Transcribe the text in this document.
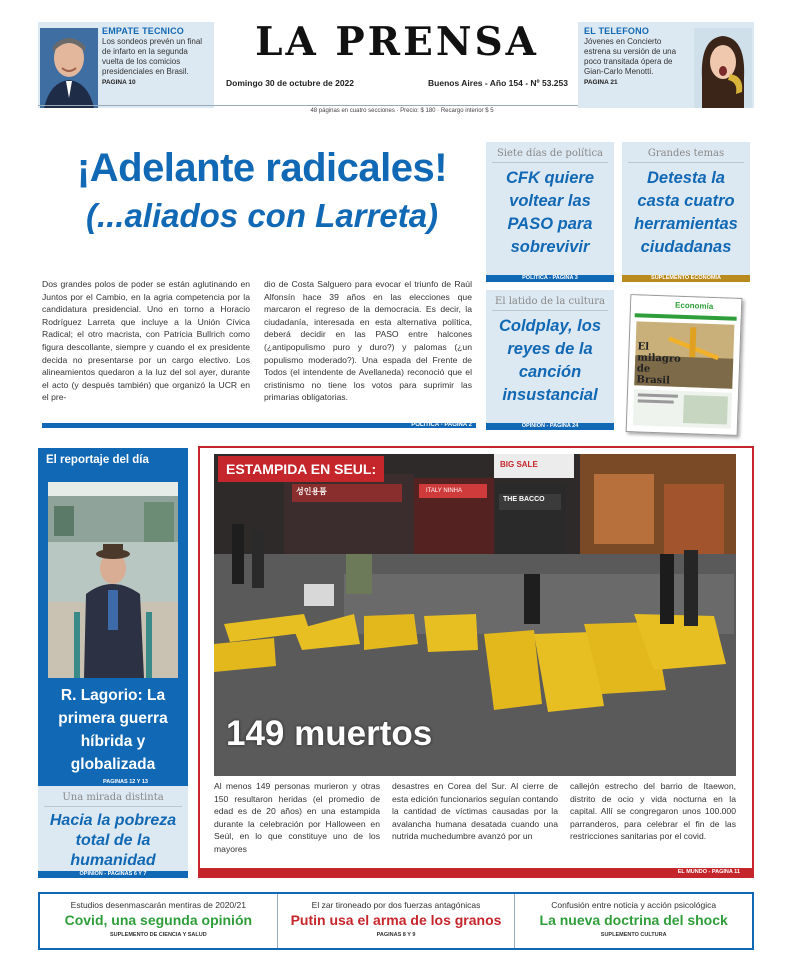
EMPATE TECNICO

Los sondeos prevén un final de infarto en la segunda vuelta de los comicios presidenciales en Brasil.

PAGINA 10
LA PRENSA
Domingo 30 de octubre de 2022	Buenos Aires - Año 154 - Nº 53.253
48 páginas en cuatro secciones · Precio: $ 180 · Recargo interior $ 5
EL TELEFONO

Jóvenes en Concierto estrena su versión de una poco transitada ópera de Gian-Carlo Menotti.

PAGINA 21
¡Adelante radicales!
(...aliados con Larreta)

Dos grandes polos de poder se están aglutinando en Juntos por el Cambio, en la agria competencia por la candidatura presidencial. Uno en torno a Horacio Rodríguez Larreta que incluye a la Unión Cívica Radical; el otro macrista, con Patricia Bullrich como figura descollante, siempre y cuando el ex presidente decida no presentarse por un cargo electivo. Los alineamientos quedaron a la luz del sol ayer, durante el acto (y después también) que organizó la UCR en el pre-

dio de Costa Salguero para evocar el triunfo de Raúl Alfonsín hace 39 años en las elecciones que marcaron el regreso de la democracia. Es decir, la ciudadanía, interesada en esta alternativa política, deberá decidir en las PASO entre halcones (¿antipopulismo puro y duro?) y palomas (¿un populismo moderado?). Una espada del Frente de Todos (el intendente de Avellaneda) reconoció que el cristinismo no tiene los votos para suprimir las primarias obligatorias.

POLITICA - PAGINA 2
Siete días de política
CFK quiere voltear las PASO para sobrevivir
POLITICA - PAGINA 3
Grandes temas
Detesta la casta cuatro herramientas ciudadanas
SUPLEMENTO ECONOMIA
El latido de la cultura
Coldplay, los reyes de la canción insustancial
OPINION - PAGINA 24
Economía
El milagro de Brasil
El reportaje del día
R. Lagorio: La primera guerra híbrida y globalizada
PAGINAS 12 Y 13
ESTAMPIDA EN SEUL:	BIG SALE
성인용품	ITALY NINHA
THE BACCO
149 muertos

Al menos 149 personas murieron y otras 150 resultaron heridas (el promedio de edad es de 20 años) en una estampida durante la celebración por Halloween en Seúl, en lo que constituye uno de los mayores

desastres en Corea del Sur. Al cierre de esta edición funcionarios seguían contando la cantidad de víctimas causadas por la avalancha humana desatada cuando una nutrida muchedumbre avanzó por un

callejón estrecho del barrio de Itaewon, distrito de ocio y vida nocturna en la capital. Allí se congregaron unos 100.000 parranderos, para celebrar el fin de las restricciones sanitarias por el covid.

EL MUNDO - PAGINA 11
Una mirada distinta
Hacia la pobreza total de la humanidad
OPINION - PAGINAS 6 Y 7
Estudios desenmascarán mentiras de 2020/21
Covid, una segunda opinión
SUPLEMENTO DE CIENCIA Y SALUD
El zar tironeado por dos fuerzas antagónicas
Putin usa el arma de los granos
PAGINAS 8 Y 9
Confusión entre noticia y acción psicológica
La nueva doctrina del shock
SUPLEMENTO CULTURA
